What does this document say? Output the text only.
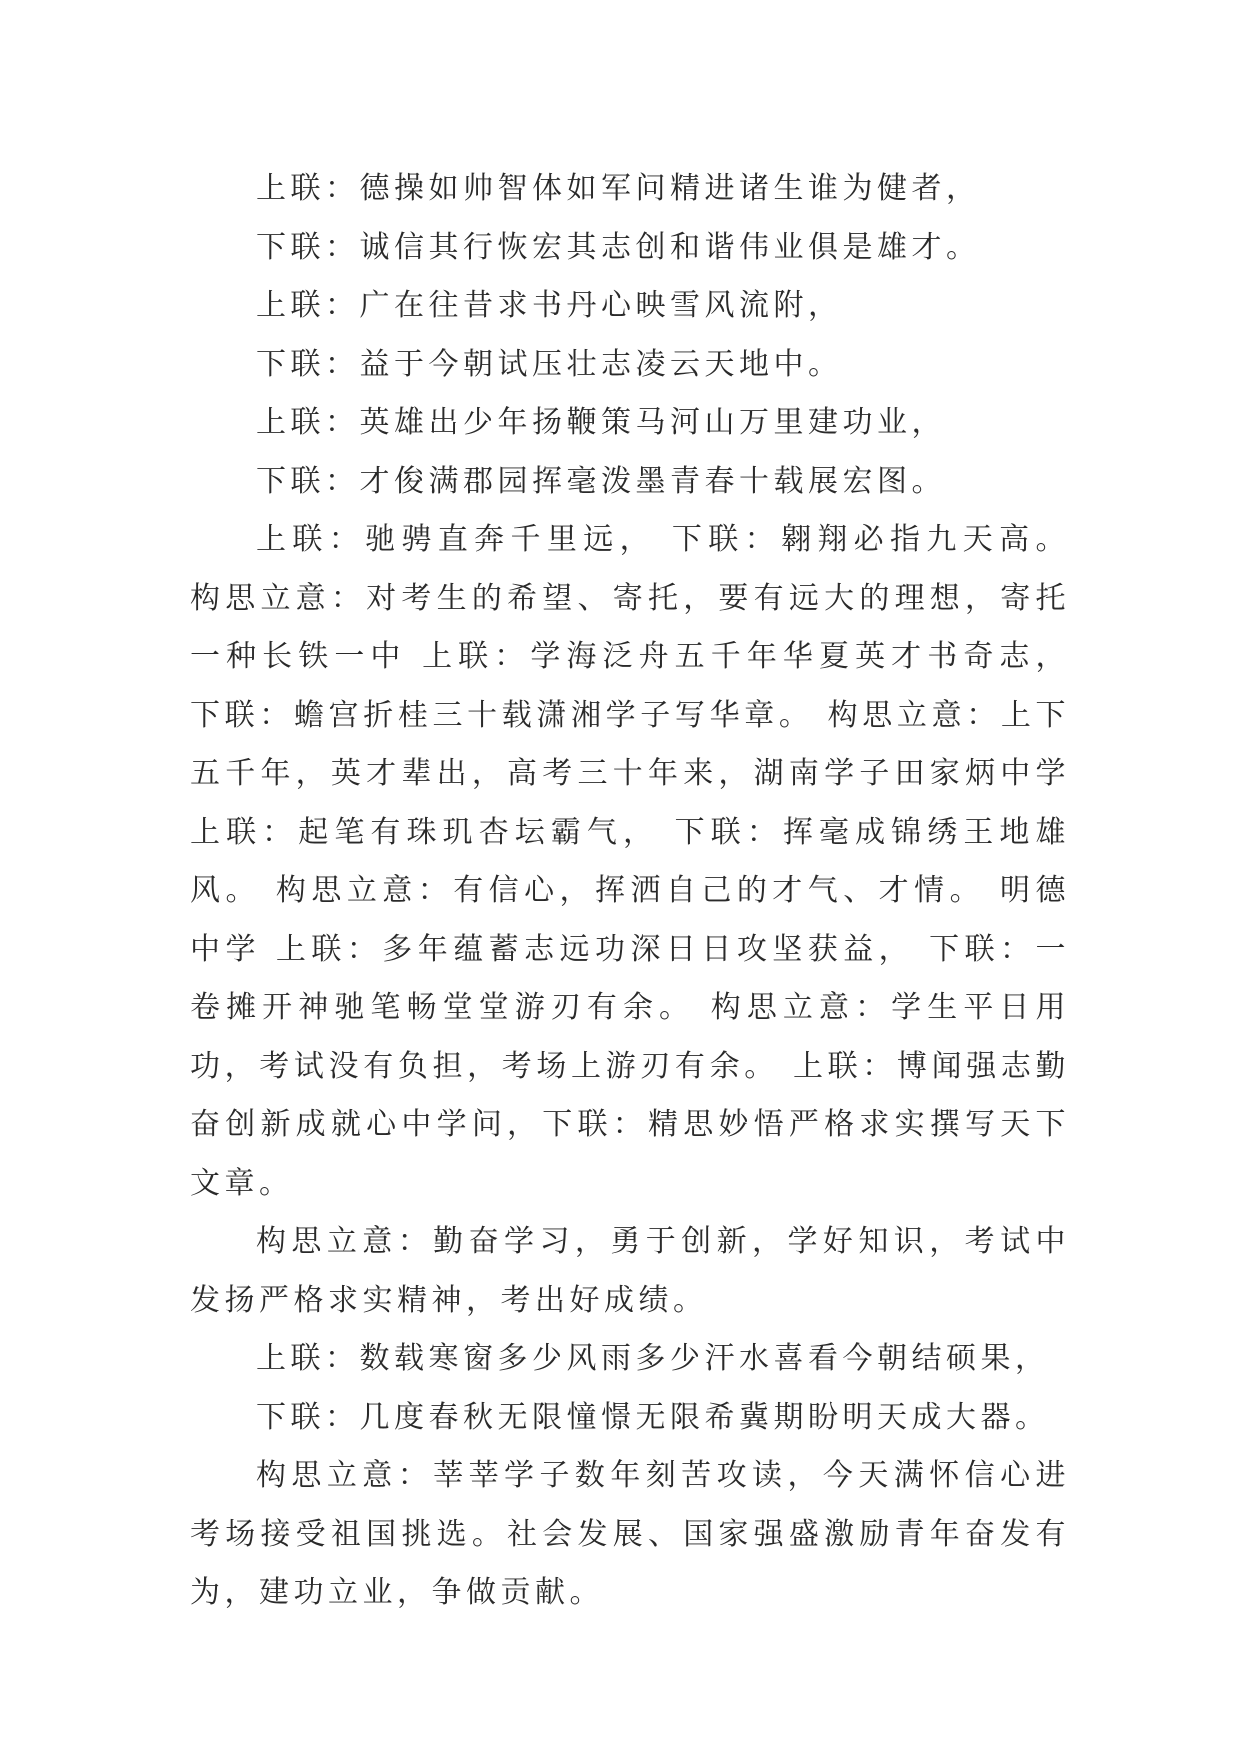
上联：德操如帅智体如军问精进诸生谁为健者，

下联：诚信其行恢宏其志创和谐伟业俱是雄才。

上联：广在往昔求书丹心映雪风流附，

下联：益于今朝试压壮志凌云天地中。

上联：英雄出少年扬鞭策马河山万里建功业，

下联：才俊满郡园挥毫泼墨青春十载展宏图。

上联：驰骋直奔千里远， 下联：翱翔必指九天高。 构思立意：对考生的希望、寄托，要有远大的理想，寄托一种长铁一中 上联：学海泛舟五千年华夏英才书奇志， 下联：蟾宫折桂三十载潇湘学子写华章。 构思立意：上下五千年，英才辈出，高考三十年来，湖南学子田家炳中学 上联：起笔有珠玑杏坛霸气， 下联：挥毫成锦绣王地雄风。 构思立意：有信心，挥洒自己的才气、才情。 明德中学 上联：多年蕴蓄志远功深日日攻坚获益， 下联：一卷摊开神驰笔畅堂堂游刃有余。 构思立意：学生平日用功，考试没有负担，考场上游刃有余。 上联：博闻强志勤奋创新成就心中学问，下联：精思妙悟严格求实撰写天下文章。

构思立意：勤奋学习，勇于创新，学好知识，考试中发扬严格求实精神，考出好成绩。

上联：数载寒窗多少风雨多少汗水喜看今朝结硕果，

下联：几度春秋无限憧憬无限希冀期盼明天成大器。

构思立意：莘莘学子数年刻苦攻读，今天满怀信心进考场接受祖国挑选。社会发展、国家强盛激励青年奋发有为，建功立业，争做贡献。
